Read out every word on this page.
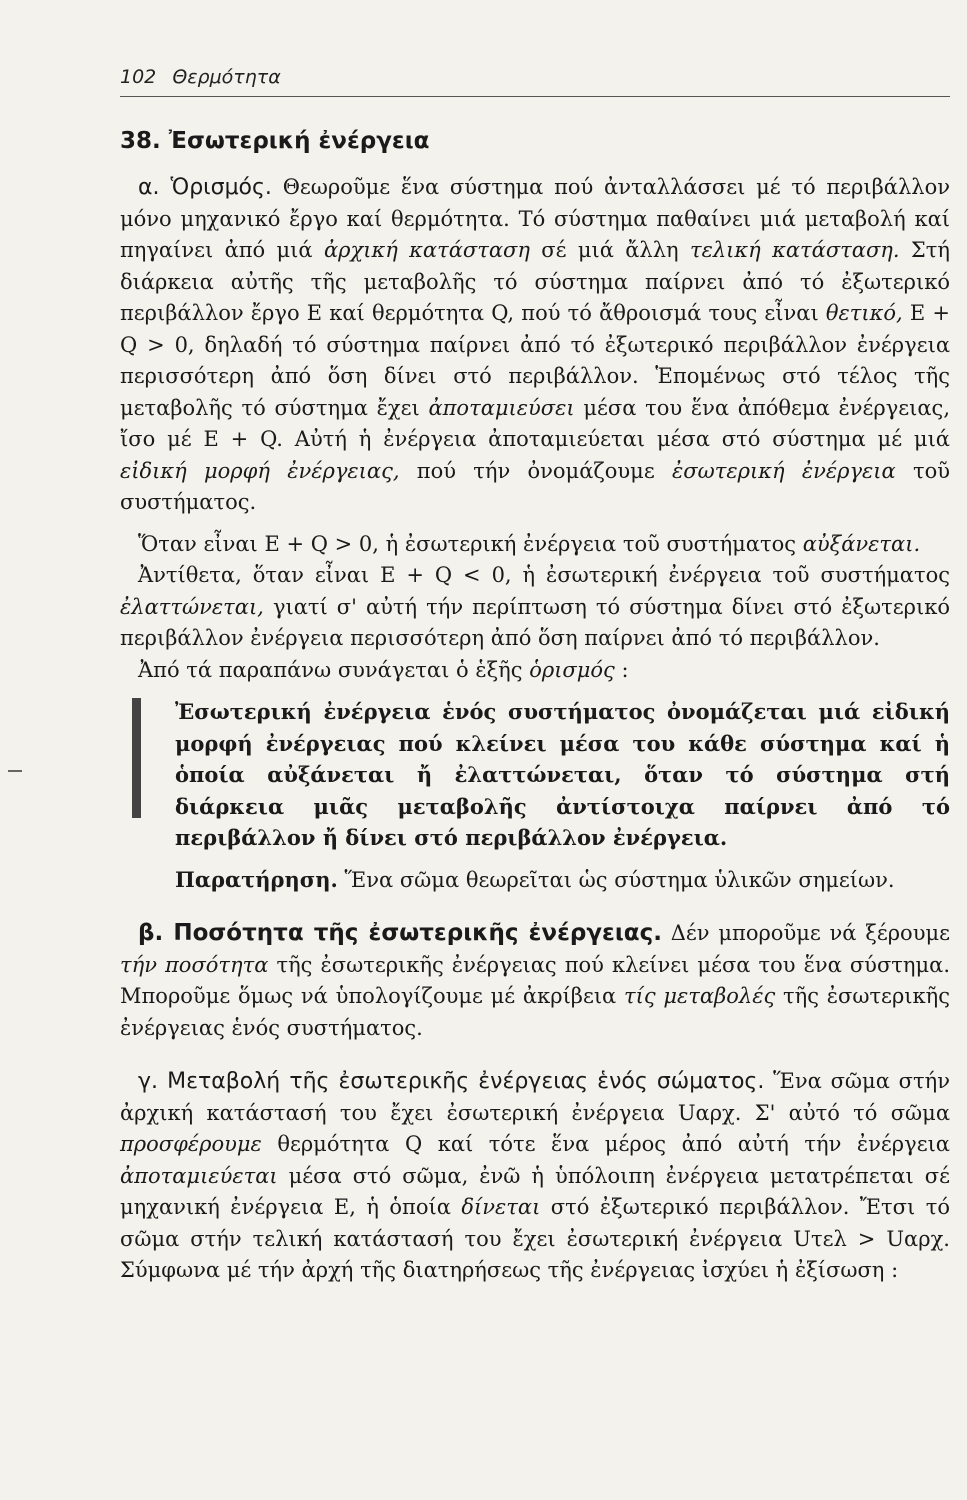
102 Θερμότητα
38. Ἐσωτερική ἐνέργεια

α. Ὁρισμός. Θεωροῦμε ἕνα σύστημα πού ἀνταλλάσσει μέ τό περιβάλλον μόνο μηχανικό ἔργο καί θερμότητα. Τό σύστημα παθαίνει μιά μεταβολή καί πηγαίνει ἀπό μιά ἀρχική κατάσταση σέ μιά ἄλλη τελική κατάσταση. Στή διάρκεια αὐτῆς τῆς μεταβολῆς τό σύστημα παίρνει ἀπό τό ἐξωτερικό περιβάλλον ἔργο Ε καί θερμότητα Q, πού τό ἄθροισμά τους εἶναι θετικό, Ε + Q > 0, δηλαδή τό σύστημα παίρνει ἀπό τό ἐξωτερικό περιβάλλον ἐνέργεια περισσότερη ἀπό ὅση δίνει στό περιβάλλον. Ἑπομένως στό τέλος τῆς μεταβολῆς τό σύστημα ἔχει ἀποταμιεύσει μέσα του ἕνα ἀπόθεμα ἐνέργειας, ἴσο μέ Ε + Q. Αὐτή ἡ ἐνέργεια ἀποταμιεύεται μέσα στό σύστημα μέ μιά εἰδική μορφή ἐνέργειας, πού τήν ὀνομάζουμε ἐσωτερική ἐνέργεια τοῦ συστήματος.

Ὅταν εἶναι Ε + Q > 0, ἡ ἐσωτερική ἐνέργεια τοῦ συστήματος αὐξάνεται.

Ἀντίθετα, ὅταν εἶναι Ε + Q < 0, ἡ ἐσωτερική ἐνέργεια τοῦ συστήματος ἐλαττώνεται, γιατί σ' αὐτή τήν περίπτωση τό σύστημα δίνει στό ἐξωτερικό περιβάλλον ἐνέργεια περισσότερη ἀπό ὅση παίρνει ἀπό τό περιβάλλον.

Ἀπό τά παραπάνω συνάγεται ὁ ἑξῆς ὁρισμός :

Ἐσωτερική ἐνέργεια ἑνός συστήματος ὀνομάζεται μιά εἰδική μορφή ἐνέργειας πού κλείνει μέσα του κάθε σύστημα καί ἡ ὁποία αὐξάνεται ἤ ἐλαττώνεται, ὅταν τό σύστημα στή διάρκεια μιᾶς μεταβολῆς ἀντίστοιχα παίρνει ἀπό τό περιβάλλον ἤ δίνει στό περιβάλλον ἐνέργεια.

Παρατήρηση. Ἕνα σῶμα θεωρεῖται ὡς σύστημα ὑλικῶν σημείων.

β. Ποσότητα τῆς ἐσωτερικῆς ἐνέργειας. Δέν μποροῦμε νά ξέρουμε τήν ποσότητα τῆς ἐσωτερικῆς ἐνέργειας πού κλείνει μέσα του ἕνα σύστημα. Μποροῦμε ὅμως νά ὑπολογίζουμε μέ ἀκρίβεια τίς μεταβολές τῆς ἐσωτερικῆς ἐνέργειας ἑνός συστήματος.

γ. Μεταβολή τῆς ἐσωτερικῆς ἐνέργειας ἑνός σώματος. Ἕνα σῶμα στήν ἀρχική κατάστασή του ἔχει ἐσωτερική ἐνέργεια Uαρχ. Σ' αὐτό τό σῶμα προσφέρουμε θερμότητα Q καί τότε ἕνα μέρος ἀπό αὐτή τήν ἐνέργεια ἀποταμιεύεται μέσα στό σῶμα, ἐνῶ ἡ ὑπόλοιπη ἐνέργεια μετατρέπεται σέ μηχανική ἐνέργεια Ε, ἡ ὁποία δίνεται στό ἐξωτερικό περιβάλλον. Ἔτσι τό σῶμα στήν τελική κατάστασή του ἔχει ἐσωτερική ἐνέργεια Uτελ > Uαρχ. Σύμφωνα μέ τήν ἀρχή τῆς διατηρήσεως τῆς ἐνέργειας ἰσχύει ἡ ἐξίσωση :
